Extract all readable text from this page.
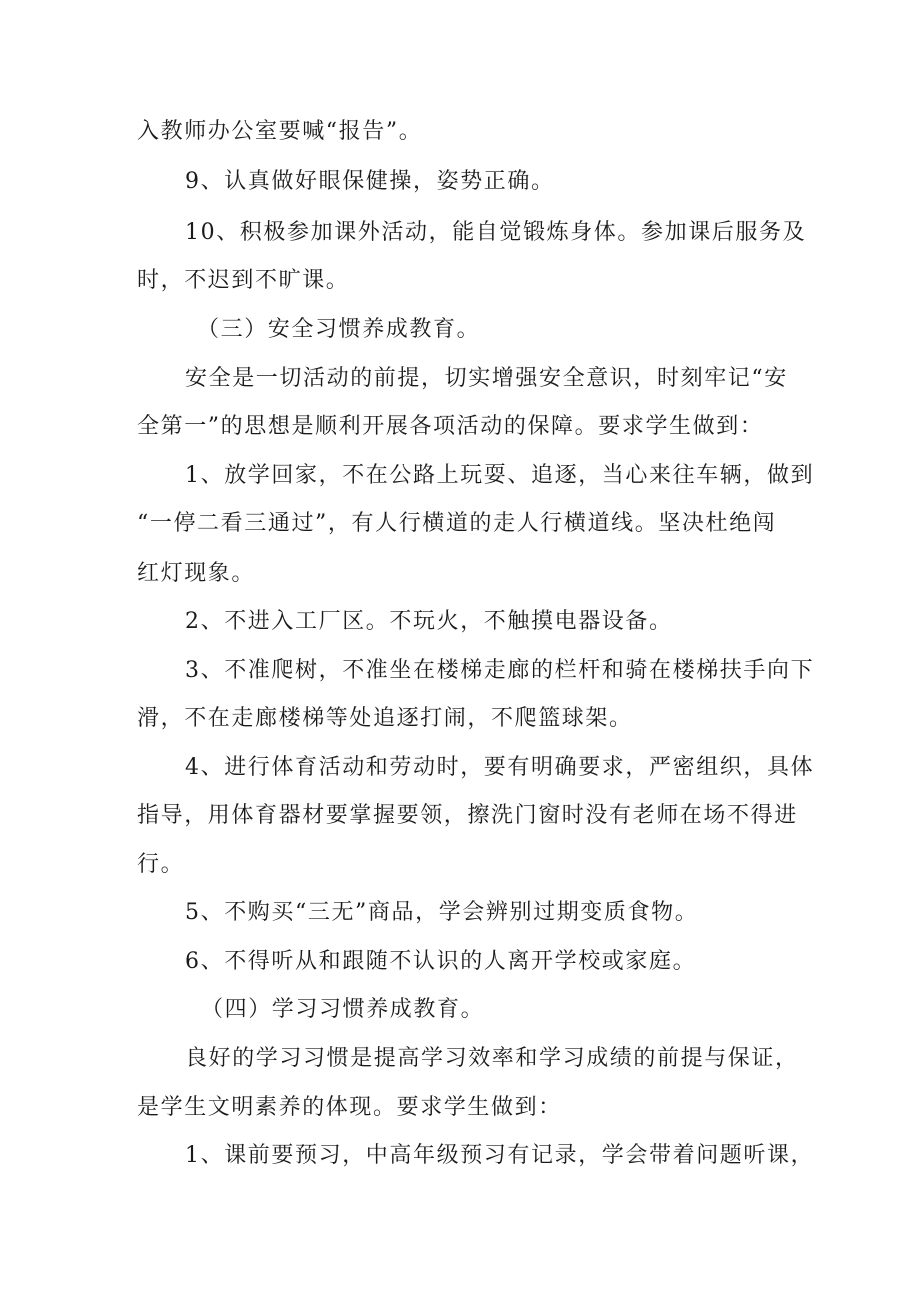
入教师办公室要喊“报告”。
9、认真做好眼保健操，姿势正确。
10、积极参加课外活动，能自觉锻炼身体。参加课后服务及
时，不迟到不旷课。
（三）安全习惯养成教育。
安全是一切活动的前提，切实增强安全意识，时刻牢记“安
全第一”的思想是顺利开展各项活动的保障。要求学生做到：
1、放学回家，不在公路上玩耍、追逐，当心来往车辆，做到
“一停二看三通过”，有人行横道的走人行横道线。坚决杜绝闯
红灯现象。
2、不进入工厂区。不玩火，不触摸电器设备。
3、不准爬树，不准坐在楼梯走廊的栏杆和骑在楼梯扶手向下
滑，不在走廊楼梯等处追逐打闹，不爬篮球架。
4、进行体育活动和劳动时，要有明确要求，严密组织，具体
指导，用体育器材要掌握要领，擦洗门窗时没有老师在场不得进
行。
5、不购买“三无”商品，学会辨别过期变质食物。
6、不得听从和跟随不认识的人离开学校或家庭。
（四）学习习惯养成教育。
良好的学习习惯是提高学习效率和学习成绩的前提与保证，
是学生文明素养的体现。要求学生做到：
1、课前要预习，中高年级预习有记录，学会带着问题听课，
